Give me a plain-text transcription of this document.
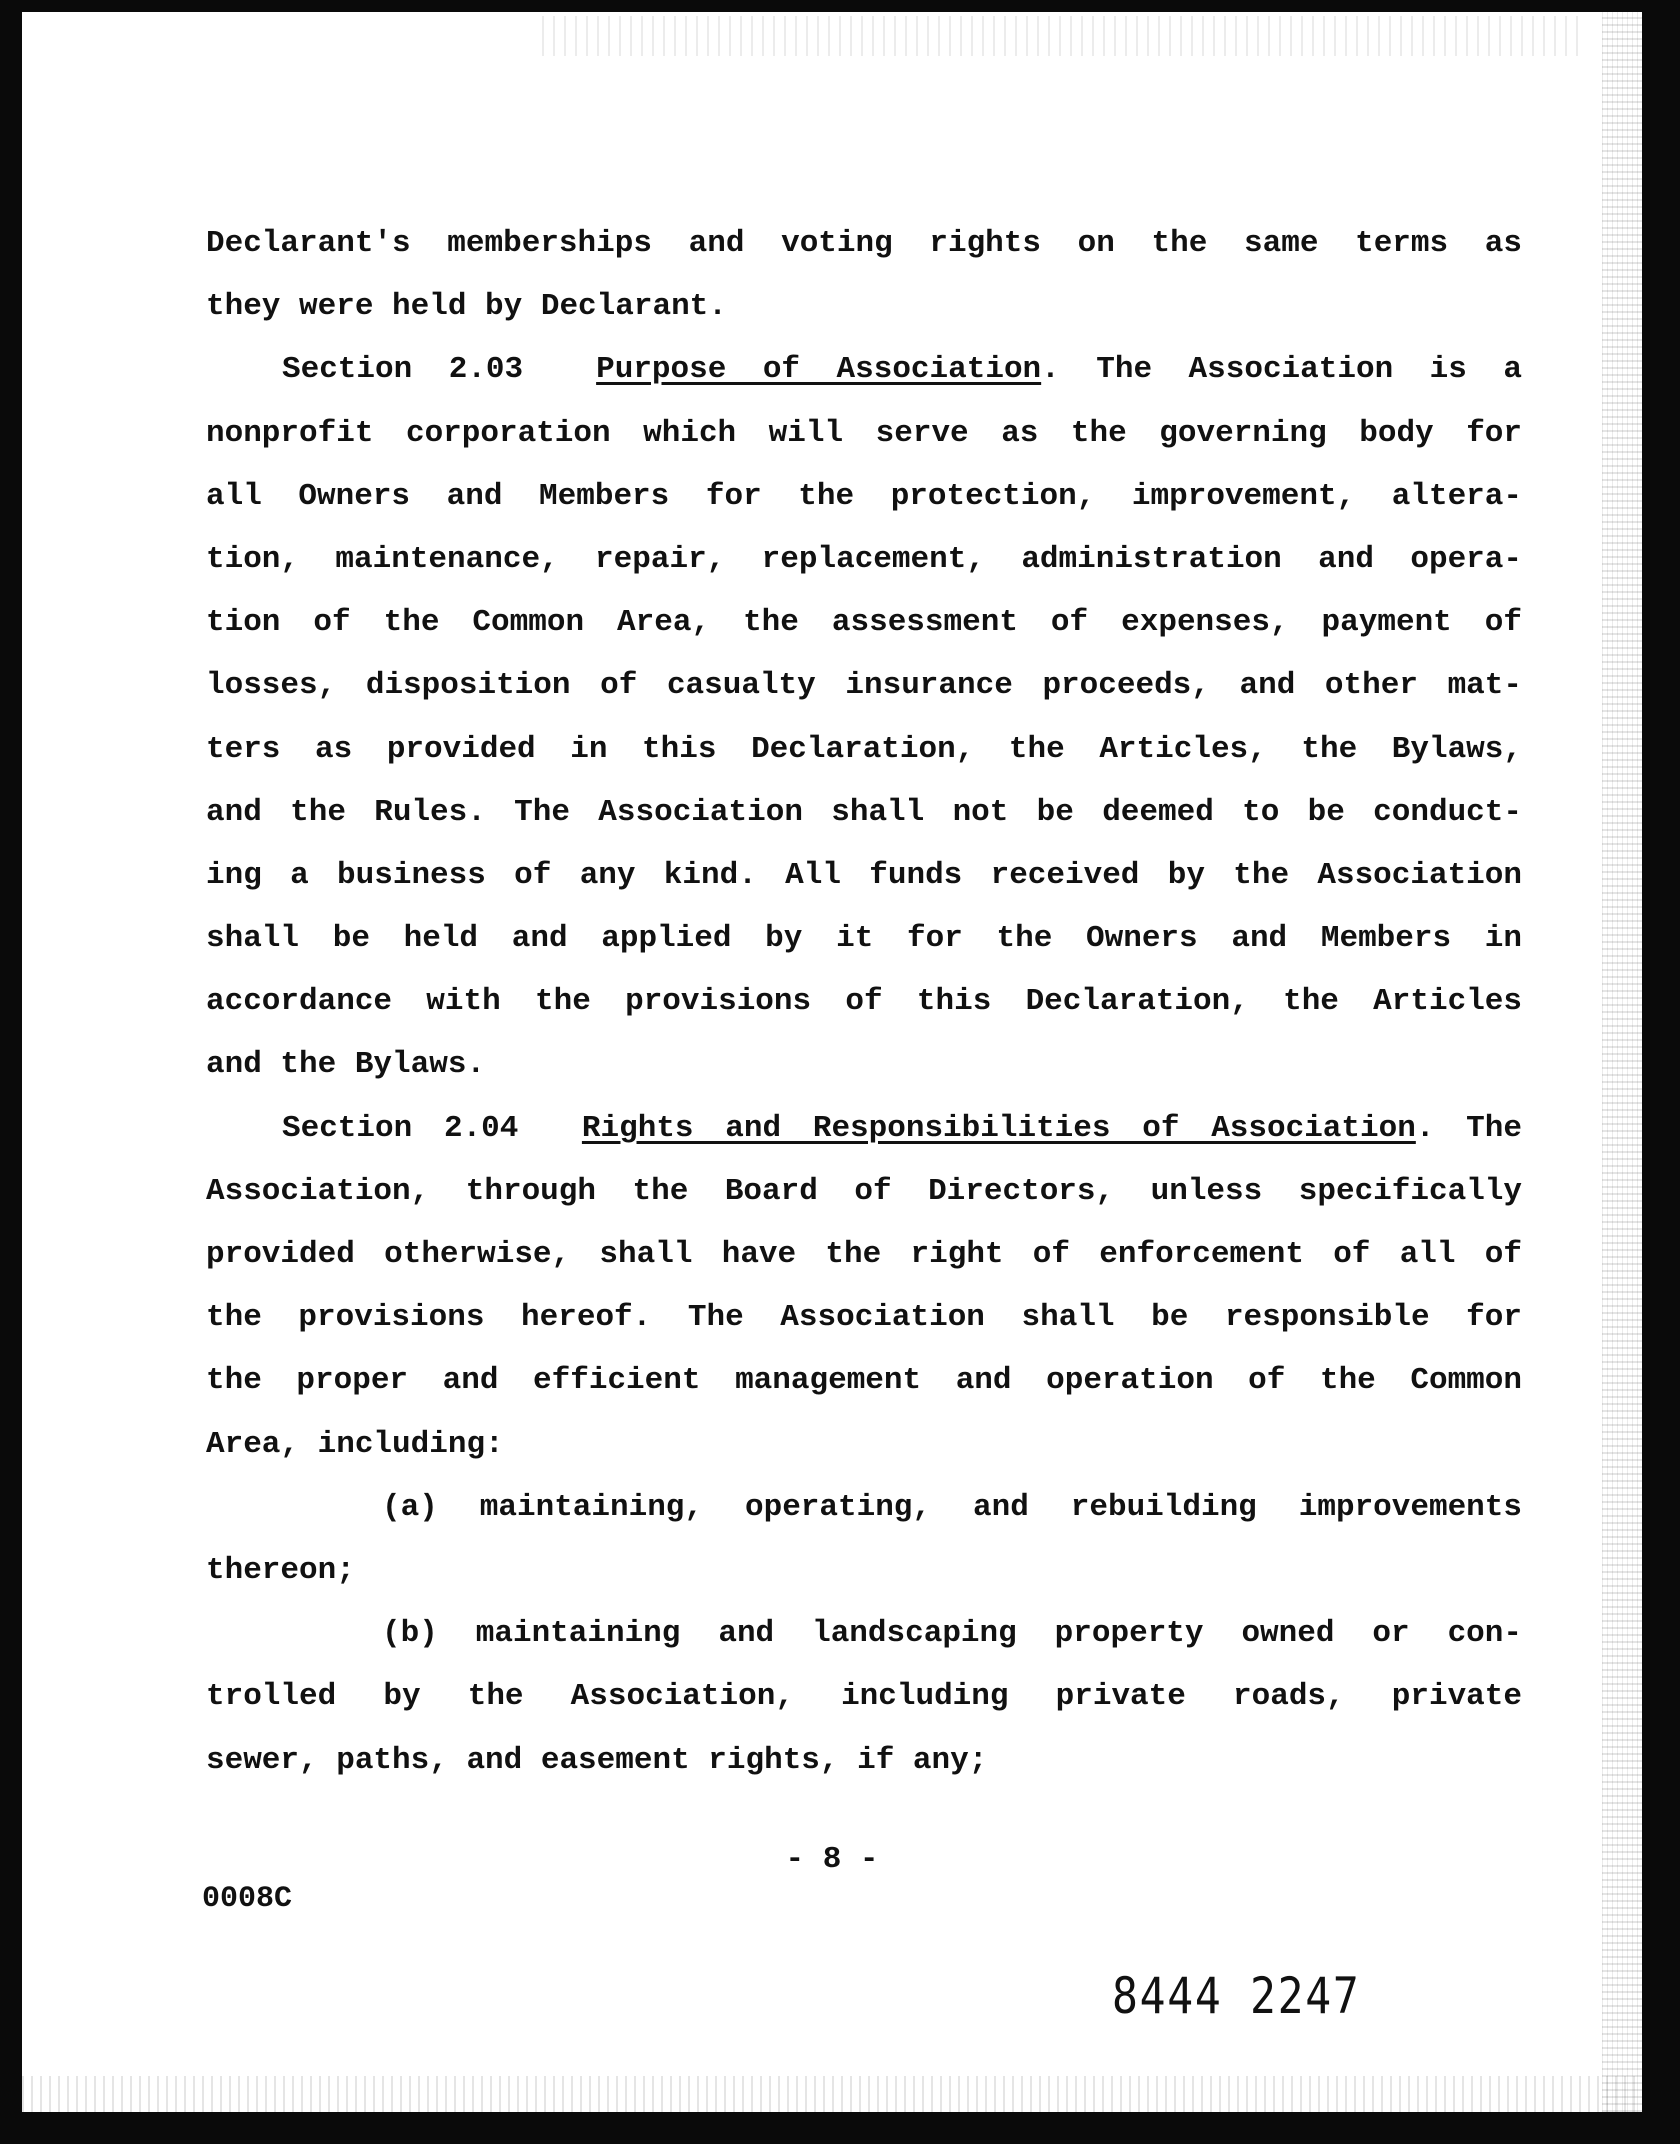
Declarant's memberships and voting rights on the same terms as
they were held by Declarant.
Section 2.03 Purpose of Association. The Association is a
nonprofit corporation which will serve as the governing body for
all Owners and Members for the protection, improvement, altera-
tion, maintenance, repair, replacement, administration and opera-
tion of the Common Area, the assessment of expenses, payment of
losses, disposition of casualty insurance proceeds, and other mat-
ters as provided in this Declaration, the Articles, the Bylaws,
and the Rules. The Association shall not be deemed to be conduct-
ing a business of any kind. All funds received by the Association
shall be held and applied by it for the Owners and Members in
accordance with the provisions of this Declaration, the Articles
and the Bylaws.
Section 2.04 Rights and Responsibilities of Association. The
Association, through the Board of Directors, unless specifically
provided otherwise, shall have the right of enforcement of all of
the provisions hereof. The Association shall be responsible for
the proper and efficient management and operation of the Common
Area, including:
(a) maintaining, operating, and rebuilding improvements
thereon;
(b) maintaining and landscaping property owned or con-
trolled by the Association, including private roads, private
sewer, paths, and easement rights, if any;
- 8 -
0008C
8444 2247
